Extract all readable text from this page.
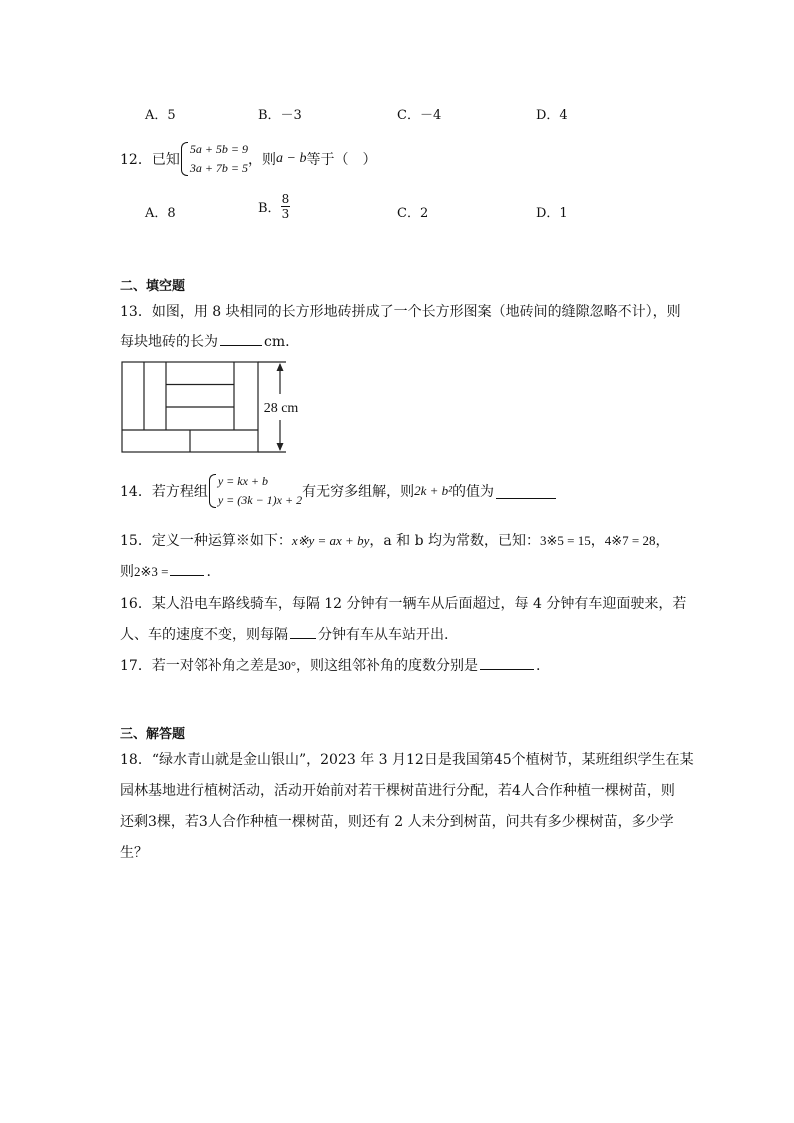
A．5	B．－3	C．－4	D．4
12．已知
5a + 5b = 9
3a + 7b = 5 ，则 a − b 等于（　）
A．8	B． $\frac{8}{3}$	C．2	D．1
二、填空题
13．如图，用 8 块相同的长方形地砖拼成了一个长方形图案（地砖间的缝隙忽略不计），则
每块地砖的长为	cm.
28 cm
14．若方程组
y = kx + b
y = (3k − 1)x + 2 有无穷多组解，则 2k + b² 的值为
15．定义一种运算※如下：x※y = ax + by，a 和 b 均为常数，已知：3※5 = 15，4※7 = 28，
则2※3 =	.
16．某人沿电车路线骑车，每隔 12 分钟有一辆车从后面超过，每 4 分钟有车迎面驶来，若
人、车的速度不变，则每隔 分钟有车从车站开出.
17．若一对邻补角之差是30°，则这组邻补角的度数分别是	.
三、解答题
18．“绿水青山就是金山银山”，2023 年 3 月12日是我国第45个植树节，某班组织学生在某
园林基地进行植树活动，活动开始前对若干棵树苗进行分配，若4人合作种植一棵树苗，则
还剩3棵，若3人合作种植一棵树苗，则还有 2 人未分到树苗，问共有多少棵树苗，多少学
生？
